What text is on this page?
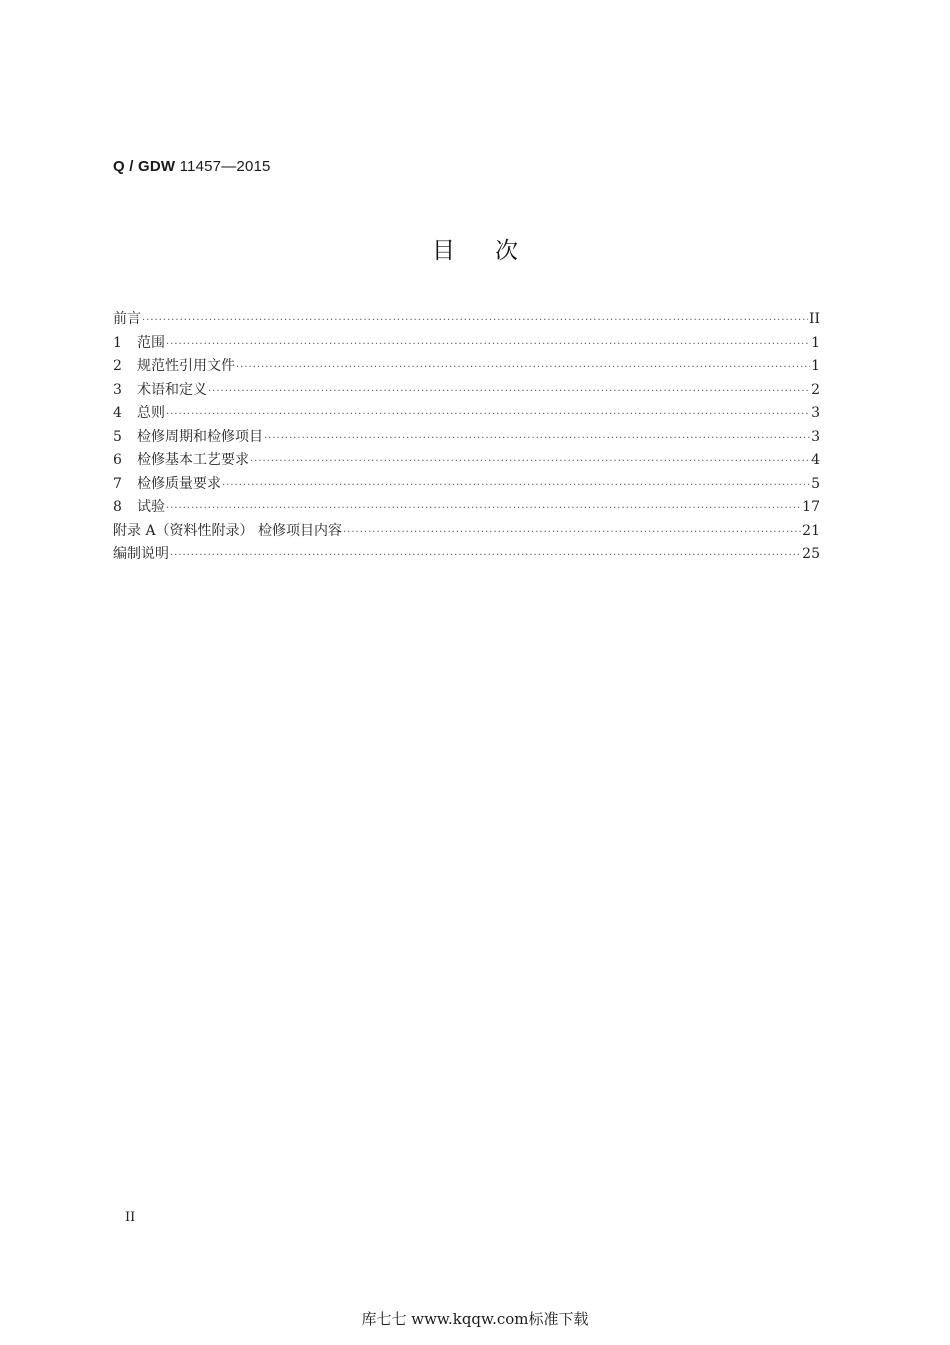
Q / GDW 11457—2015
目次
前言 ·····	II
1	范围 ·····	1
2	规范性引用文件 ·····	1
3	术语和定义 ·····	2
4	总则 ·····	3
5	检修周期和检修项目 ·····	3
6	检修基本工艺要求 ·····	4
7	检修质量要求 ·····	5
8	试验 ·····	17
附录 A（资料性附录） 检修项目内容 ·····	21
编制说明 ·····	25
II
库七七 www.kqqw.com标准下载
